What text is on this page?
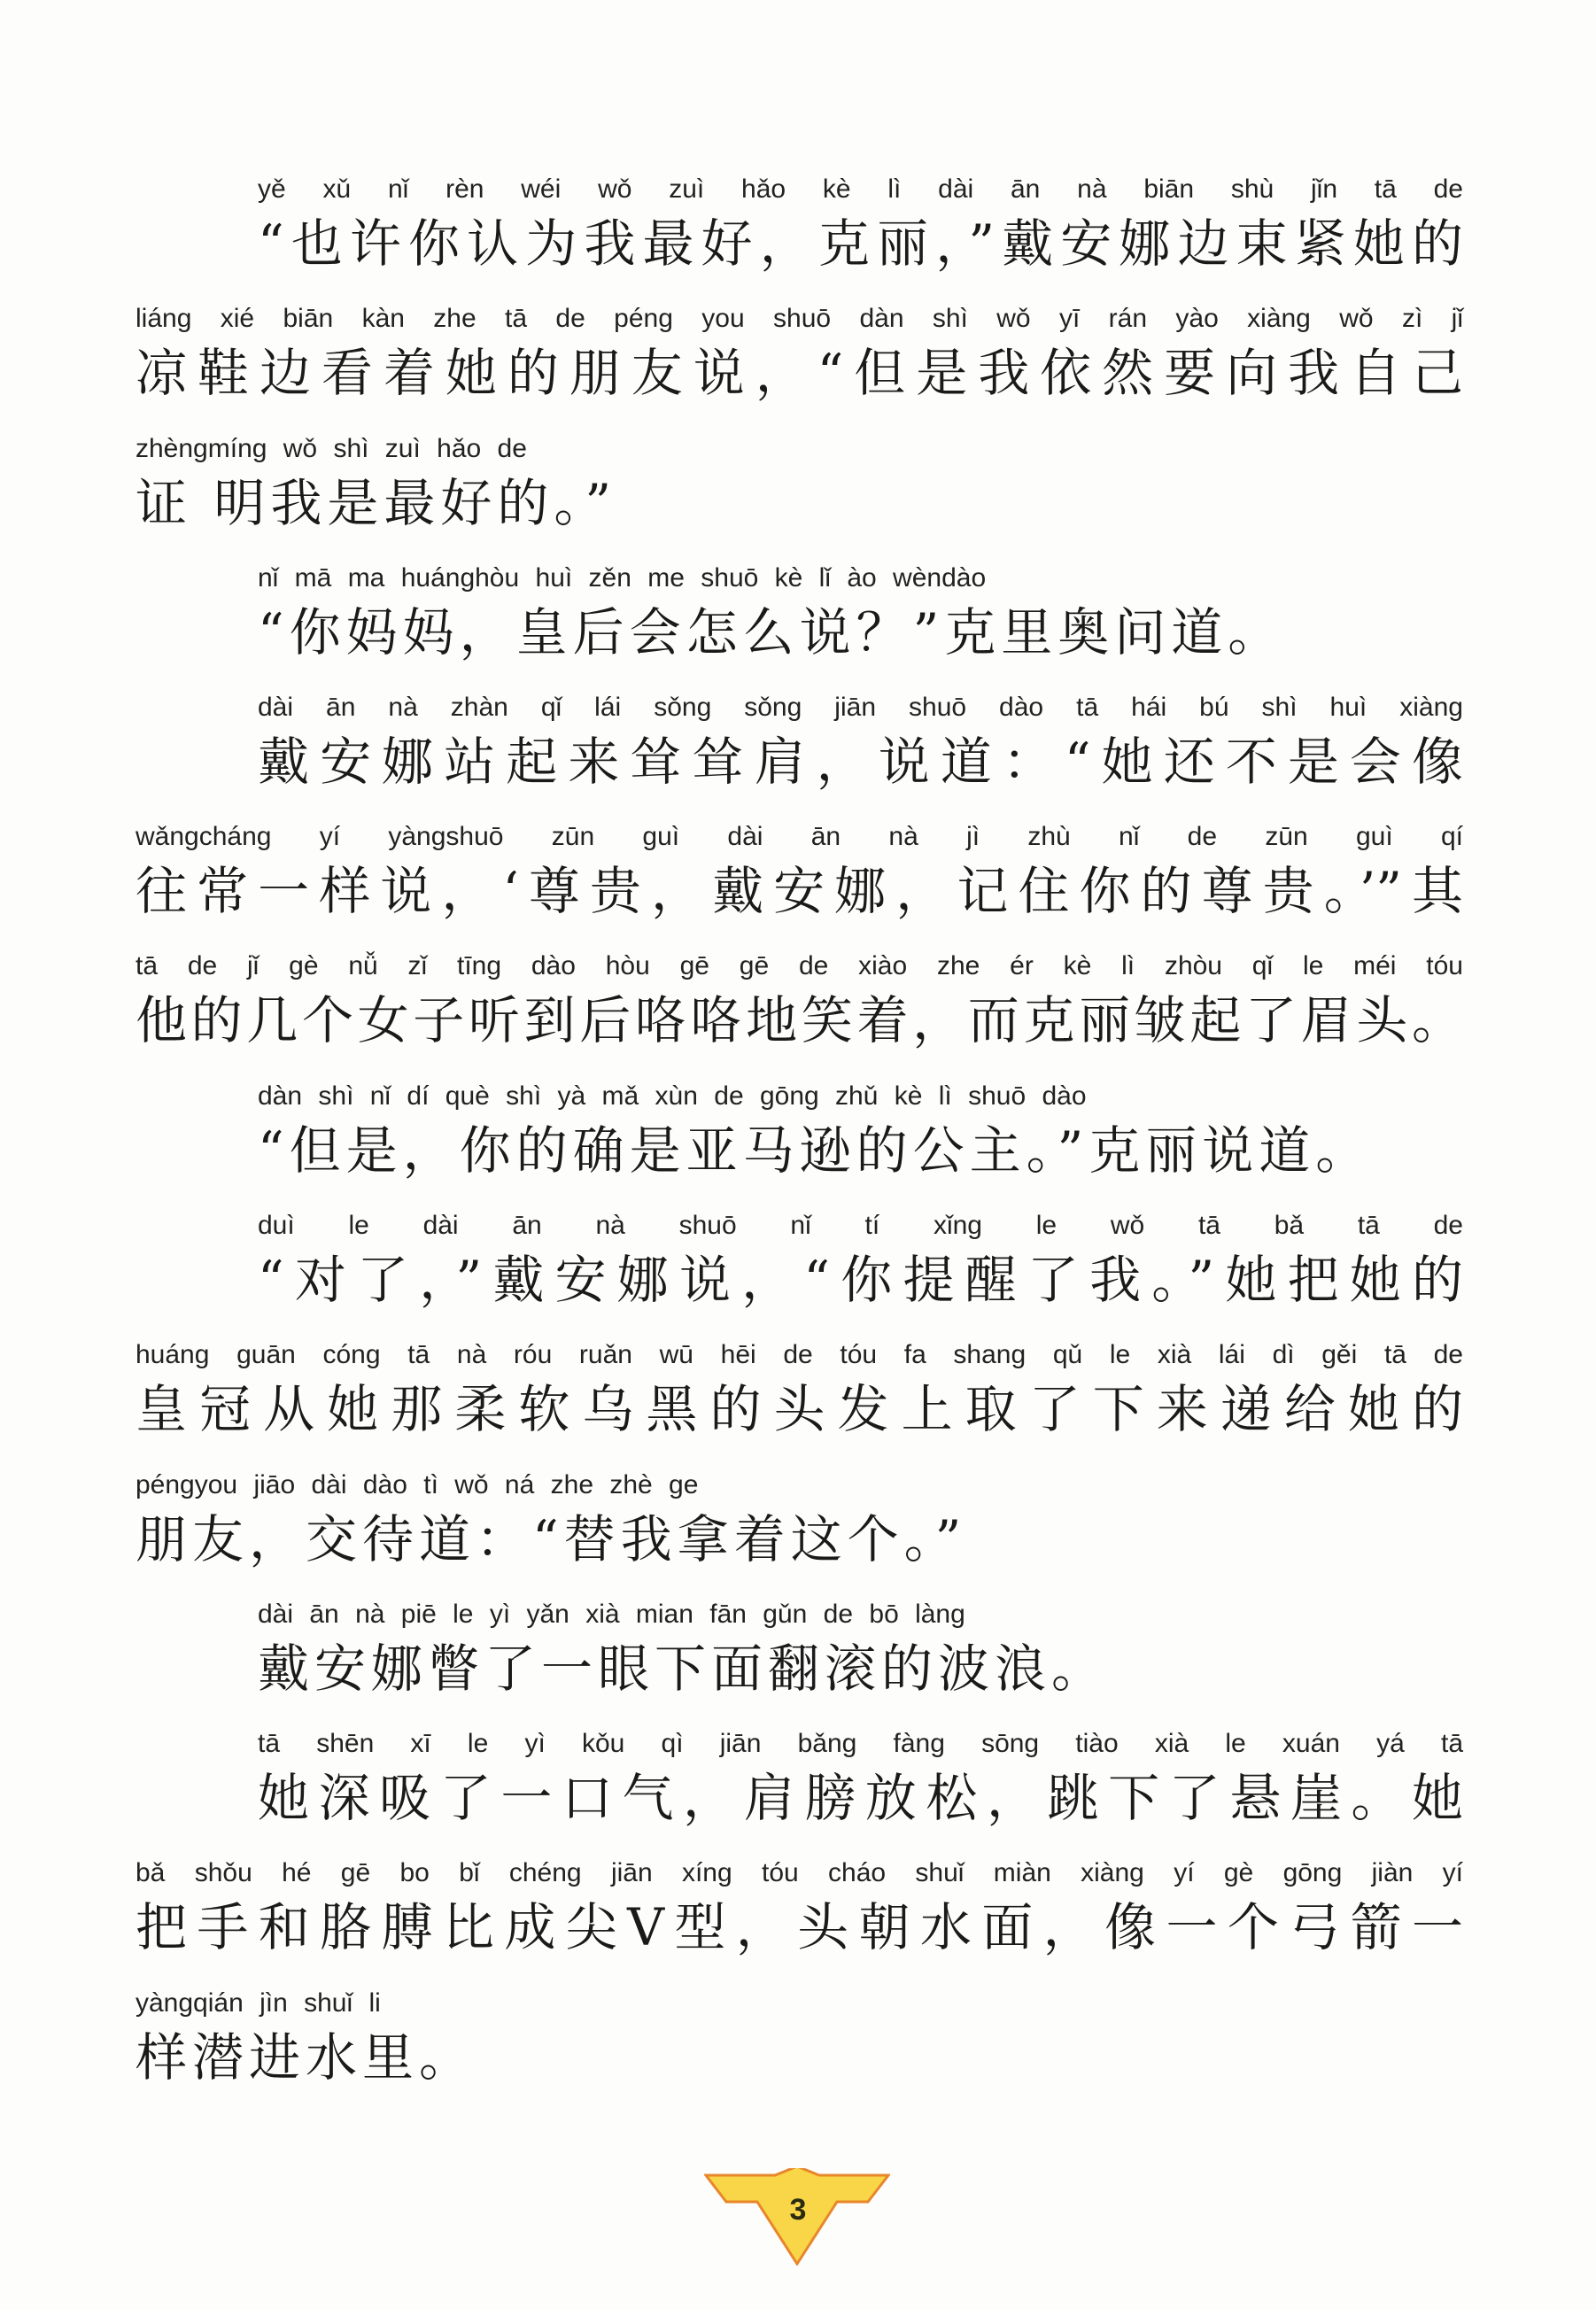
yě xǔ nǐ rèn wéi wǒ zuì hǎo kè lì dài ān nà biān shù jǐn tā de
“也许你认为我最好，克丽，”戴安娜边束紧她的
liáng xié biān kàn zhe tā de péng you shuō dàn shì wǒ yī rán yào xiàng wǒ zì jǐ
凉鞋边看着她的朋友说，“但是我依然要向我自己
zhèngmíng wǒ shì zuì hǎo de
证 明我是最好的。”
nǐ mā ma huánghòu huì zěn me shuō kè lǐ ào wèndào
“你妈妈，皇后会怎么说？”克里奥问道。
dài ān nà zhàn qǐ lái sǒng sǒng jiān shuō dào tā hái bú shì huì xiàng
戴安娜站起来耸耸肩，说道：“她还不是会像
wǎngcháng yí yàngshuō zūn guì dài ān nà jì zhù nǐ de zūn guì qí
往常一样说，‘尊贵，戴安娜，记住你的尊贵。’”其
tā de jǐ gè nǚ zǐ tīng dào hòu gē gē de xiào zhe ér kè lì zhòu qǐ le méi tóu
他的几个女子听到后咯咯地笑着，而克丽皱起了眉头。
dàn shì nǐ dí què shì yà mǎ xùn de gōng zhǔ kè lì shuō dào
“但是，你的确是亚马逊的公主。”克丽说道。
duì le dài ān nà shuō nǐ tí xǐng le wǒ tā bǎ tā de
“对了，”戴安娜说，“你提醒了我。”她把她的
huáng guān cóng tā nà róu ruǎn wū hēi de tóu fa shang qǔ le xià lái dì gěi tā de
皇冠从她那柔软乌黑的头发上取了下来递给她的
péngyou jiāo dài dào tì wǒ ná zhe zhè ge
朋友，交待道：“替我拿着这个。”
dài ān nà piē le yì yǎn xià mian fān gǔn de bō làng
戴安娜瞥了一眼下面翻滚的波浪。
tā shēn xī le yì kǒu qì jiān bǎng fàng sōng tiào xià le xuán yá tā
她深吸了一口气，肩膀放松，跳下了悬崖。她
bǎ shǒu hé gē bo bǐ chéng jiān xíng tóu cháo shuǐ miàn xiàng yí gè gōng jiàn yí
把手和胳膊比成尖V型，头朝水面，像一个弓箭一
yàngqián jìn shuǐ li
样潜进水里。
3
